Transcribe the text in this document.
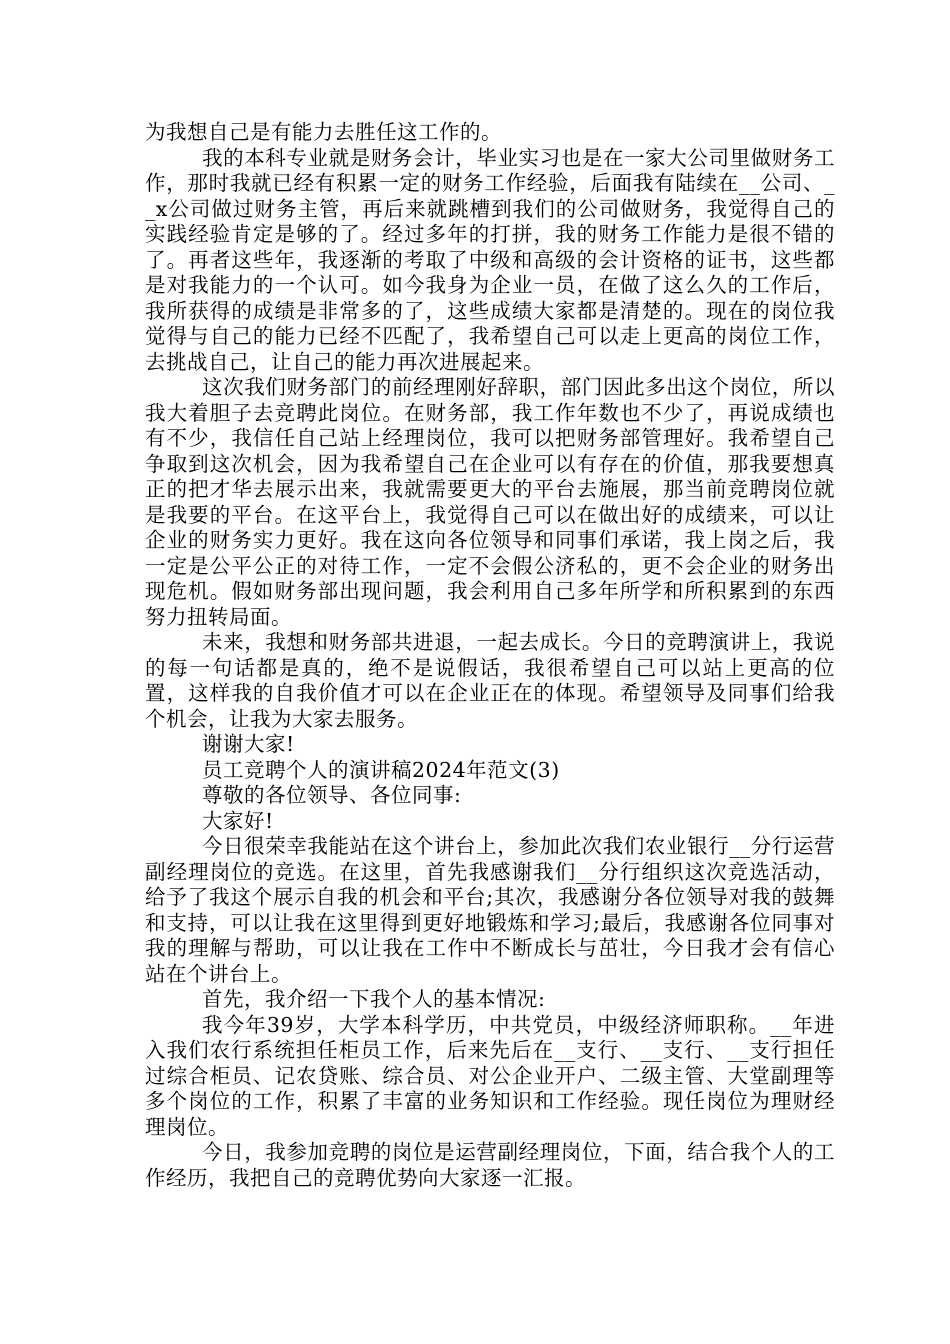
为我想自己是有能力去胜任这工作的。

我的本科专业就是财务会计，毕业实习也是在一家大公司里做财务工作，那时我就已经有积累一定的财务工作经验，后面我有陆续在__公司、__x公司做过财务主管，再后来就跳槽到我们的公司做财务，我觉得自己的实践经验肯定是够的了。经过多年的打拼，我的财务工作能力是很不错的了。再者这些年，我逐渐的考取了中级和高级的会计资格的证书，这些都是对我能力的一个认可。如今我身为企业一员，在做了这么久的工作后，我所获得的成绩是非常多的了，这些成绩大家都是清楚的。现在的岗位我觉得与自己的能力已经不匹配了，我希望自己可以走上更高的岗位工作，去挑战自己，让自己的能力再次进展起来。

这次我们财务部门的前经理刚好辞职，部门因此多出这个岗位，所以我大着胆子去竞聘此岗位。在财务部，我工作年数也不少了，再说成绩也有不少，我信任自己站上经理岗位，我可以把财务部管理好。我希望自己争取到这次机会，因为我希望自己在企业可以有存在的价值，那我要想真正的把才华去展示出来，我就需要更大的平台去施展，那当前竞聘岗位就是我要的平台。在这平台上，我觉得自己可以在做出好的成绩来，可以让企业的财务实力更好。我在这向各位领导和同事们承诺，我上岗之后，我一定是公平公正的对待工作，一定不会假公济私的，更不会企业的财务出现危机。假如财务部出现问题，我会利用自己多年所学和所积累到的东西努力扭转局面。

未来，我想和财务部共进退，一起去成长。今日的竞聘演讲上，我说的每一句话都是真的，绝不是说假话，我很希望自己可以站上更高的位置，这样我的自我价值才可以在企业正在的体现。希望领导及同事们给我个机会，让我为大家去服务。

谢谢大家!

员工竞聘个人的演讲稿2024年范文(3)

尊敬的各位领导、各位同事:

大家好!

今日很荣幸我能站在这个讲台上，参加此次我们农业银行__分行运营副经理岗位的竞选。在这里，首先我感谢我们__分行组织这次竞选活动，给予了我这个展示自我的机会和平台;其次，我感谢分各位领导对我的鼓舞和支持，可以让我在这里得到更好地锻炼和学习;最后，我感谢各位同事对我的理解与帮助，可以让我在工作中不断成长与茁壮，今日我才会有信心站在个讲台上。

首先，我介绍一下我个人的基本情况:

我今年39岁，大学本科学历，中共党员，中级经济师职称。__年进入我们农行系统担任柜员工作，后来先后在__支行、__支行、__支行担任过综合柜员、记农贷账、综合员、对公企业开户、二级主管、大堂副理等多个岗位的工作，积累了丰富的业务知识和工作经验。现任岗位为理财经理岗位。

今日，我参加竞聘的岗位是运营副经理岗位，下面，结合我个人的工作经历，我把自己的竞聘优势向大家逐一汇报。
